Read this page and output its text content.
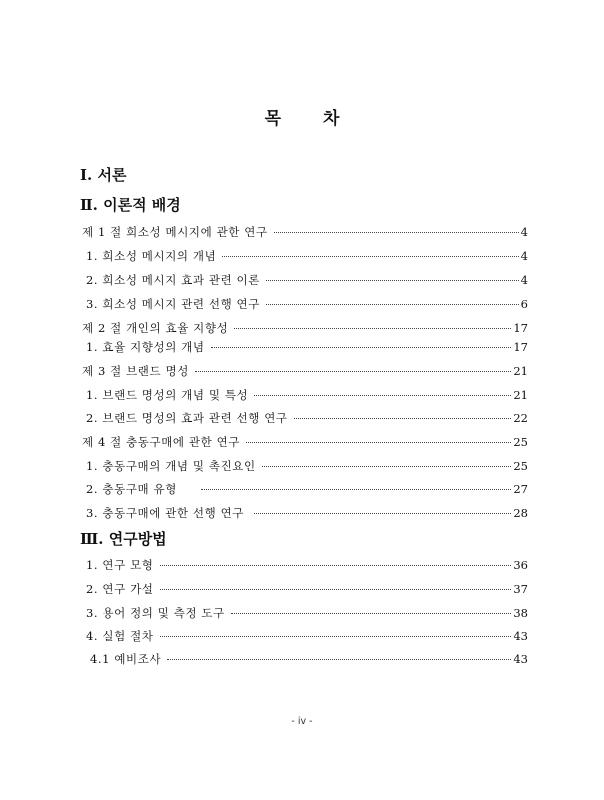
목 차
Ⅰ. 서론
Ⅱ. 이론적 배경
제 1 절 희소성 메시지에 관한 연구	4
1. 희소성 메시지의 개념	4
2. 희소성 메시지 효과 관련 이론	4
3. 희소성 메시지 관련 선행 연구	6
제 2 절 개인의 효율 지향성	17
1. 효율 지향성의 개념	17
제 3 절 브랜드 명성	21
1. 브랜드 명성의 개념 및 특성	21
2. 브랜드 명성의 효과 관련 선행 연구	22
제 4 절 충동구매에 관한 연구	25
1. 충동구매의 개념 및 촉진요인	25
2. 충동구매 유형	27
3. 충동구매에 관한 선행 연구	28
Ⅲ. 연구방법
1. 연구 모형	36
2. 연구 가설	37
3. 용어 정의 및 측정 도구	38
4. 실험 절차	43
4.1 예비조사	43
- iv -
